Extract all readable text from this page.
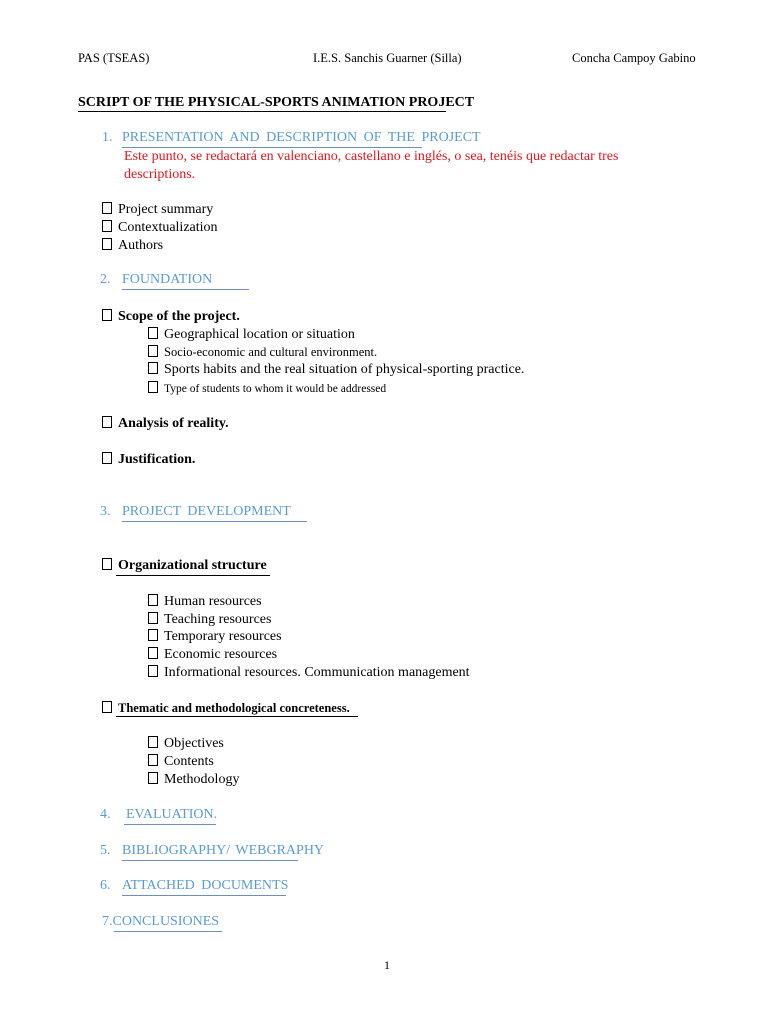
PAS (TSEAS)	I.E.S. Sanchis Guarner (Silla)	Concha Campoy Gabino
SCRIPT OF THE PHYSICAL-SPORTS ANIMATION PROJECT
1. PRESENTATION AND DESCRIPTION OF THE PROJECT
Este punto, se redactará en valenciano, castellano e inglés, o sea, tenéis que redactar tres
descriptions.
Project summary
Contextualization
Authors
2. FOUNDATION
Scope of the project.
Geographical location or situation
Socio-economic and cultural environment.
Sports habits and the real situation of physical-sporting practice.
Type of students to whom it would be addressed
Analysis of reality.
Justification.
3. PROJECT DEVELOPMENT
Organizational structure
Human resources
Teaching resources
Temporary resources
Economic resources
Informational resources. Communication management
Thematic and methodological concreteness.
Objectives
Contents
Methodology
4. EVALUATION.
5. BIBLIOGRAPHY/ WEBGRAPHY
6. ATTACHED DOCUMENTS
7.CONCLUSIONES
1
